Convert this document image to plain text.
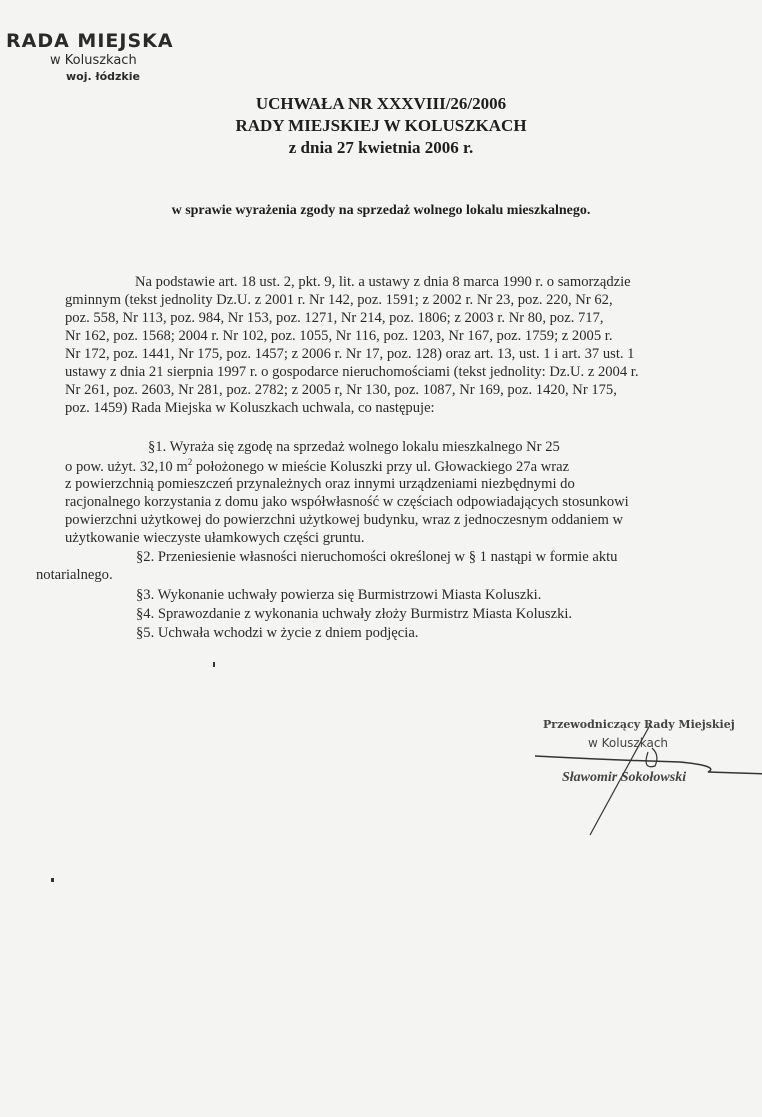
RADA MIEJSKA
w Koluszkach
woj. łódzkie
UCHWAŁA NR XXXVIII/26/2006
RADY MIEJSKIEJ W KOLUSZKACH
z dnia 27 kwietnia 2006 r.
w sprawie wyrażenia zgody na sprzedaż wolnego lokalu mieszkalnego.
Na podstawie art. 18 ust. 2, pkt. 9, lit. a ustawy z dnia 8 marca 1990 r. o samorządzie
gminnym (tekst jednolity Dz.U. z 2001 r. Nr 142, poz. 1591; z 2002 r. Nr 23, poz. 220, Nr 62,
poz. 558, Nr 113, poz. 984, Nr 153, poz. 1271, Nr 214, poz. 1806; z 2003 r. Nr 80, poz. 717,
Nr 162, poz. 1568; 2004 r. Nr 102, poz. 1055, Nr 116, poz. 1203, Nr 167, poz. 1759; z 2005 r.
Nr 172, poz. 1441, Nr 175, poz. 1457; z 2006 r. Nr 17, poz. 128) oraz art. 13, ust. 1 i art. 37 ust. 1
ustawy z dnia 21 sierpnia 1997 r. o gospodarce nieruchomościami (tekst jednolity: Dz.U. z 2004 r.
Nr 261, poz. 2603, Nr 281, poz. 2782; z 2005 r, Nr 130, poz. 1087, Nr 169, poz. 1420, Nr 175,
poz. 1459) Rada Miejska w Koluszkach uchwala, co następuje:
§1. Wyraża się zgodę na sprzedaż wolnego lokalu mieszkalnego Nr 25
o pow. użyt. 32,10 $m^2$ położonego w mieście Koluszki przy ul. Głowackiego 27a wraz
z powierzchnią pomieszczeń przynależnych oraz innymi urządzeniami niezbędnymi do
racjonalnego korzystania z domu jako współwłasność w częściach odpowiadających stosunkowi
powierzchni użytkowej do powierzchni użytkowej budynku, wraz z jednoczesnym oddaniem w
użytkowanie wieczyste ułamkowych części gruntu.
§2. Przeniesienie własności nieruchomości określonej w § 1 nastąpi w formie aktu
notarialnego.
§3. Wykonanie uchwały powierza się Burmistrzowi Miasta Koluszki.
§4. Sprawozdanie z wykonania uchwały złoży Burmistrz Miasta Koluszki.
§5. Uchwała wchodzi w życie z dniem podjęcia.
Przewodniczący Rady Miejskiej
w Koluszkach
Sławomir Sokołowski
